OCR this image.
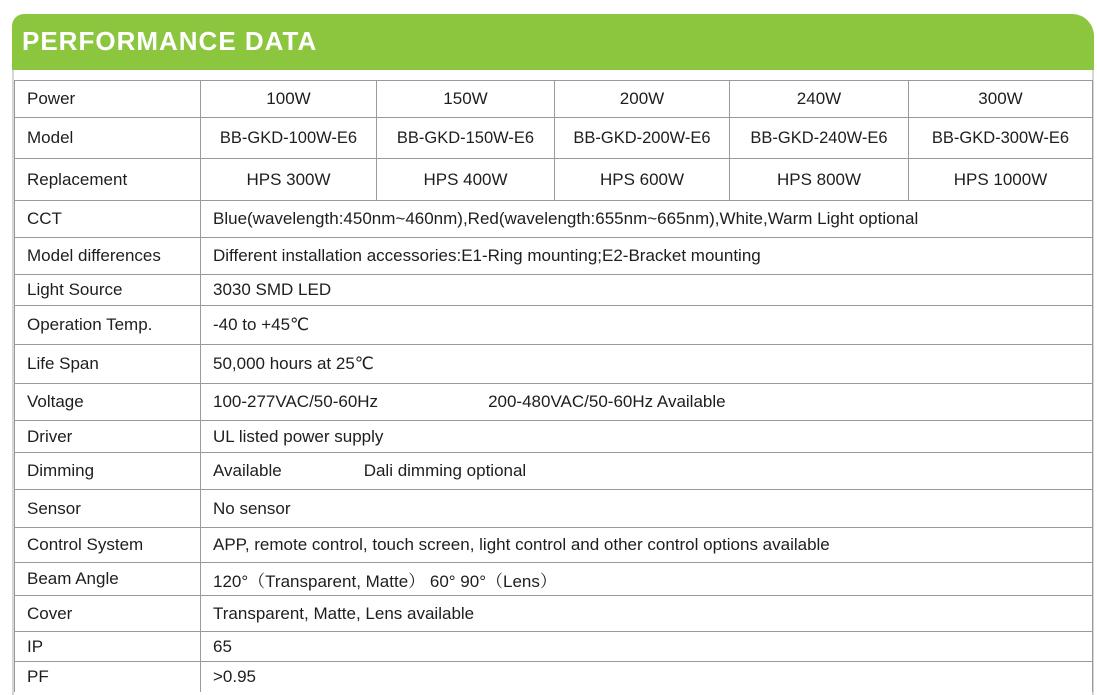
PERFORMANCE DATA
Power	100W	150W	200W	240W	300W
Model	BB-GKD-100W-E6	BB-GKD-150W-E6	BB-GKD-200W-E6	BB-GKD-240W-E6	BB-GKD-300W-E6
Replacement	HPS 300W	HPS 400W	HPS 600W	HPS 800W	HPS 1000W
CCT	Blue(wavelength:450nm~460nm),Red(wavelength:655nm~665nm),White,Warm Light optional				
Model differences	Different installation accessories:E1-Ring mounting;E2-Bracket mounting				
Light Source	3030 SMD LED				
Operation Temp.	-40 to +45℃				
Life Span	50,000 hours at 25℃				
Voltage	100-277VAC/50-60Hz 200-480VAC/50-60Hz Available				
Driver	UL listed power supply				
Dimming	Available Dali dimming optional				
Sensor	No sensor				
Control System	APP, remote control, touch screen, light control and other control options available				
Beam Angle	120°（Transparent, Matte） 60° 90°（Lens）				
Cover	Transparent, Matte, Lens available				
IP	65				
PF	>0.95				
